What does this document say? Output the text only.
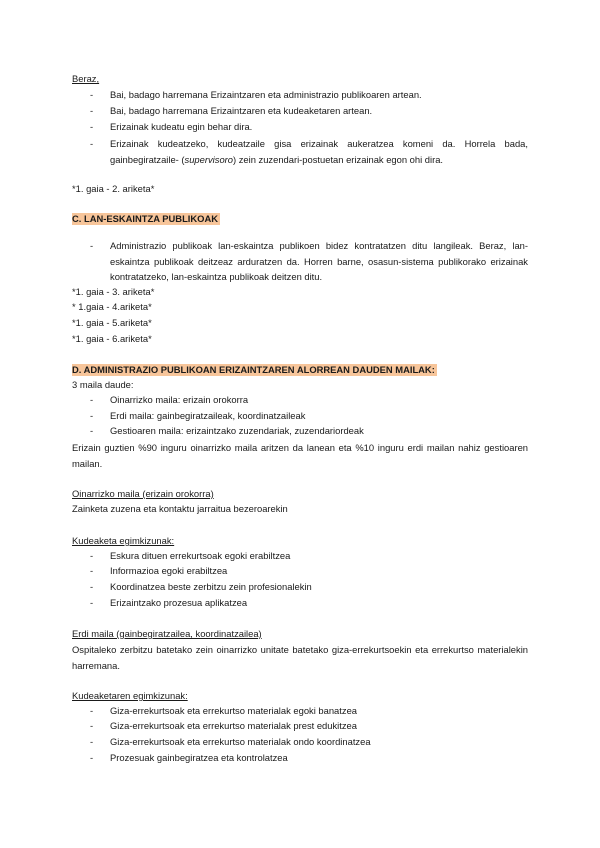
Beraz,

- Bai, badago harremana Erizaintzaren eta administrazio publikoaren artean.
- Bai, badago harremana Erizaintzaren eta kudeaketaren artean.
- Erizainak kudeatu egin behar dira.
- Erizainak kudeatzeko, kudeatzaile gisa erizainak aukeratzea komeni da. Horrela bada, gainbegiratzaile- (supervisoro) zein zuzendari-postuetan erizainak egon ohi dira.

*1. gaia - 2. ariketa*

C. LAN-ESKAINTZA PUBLIKOAK

- Administrazio publikoak lan-eskaintza publikoen bidez kontratatzen ditu langileak. Beraz, lan-eskaintza publikoak deitzeaz arduratzen da. Horren barne, osasun-sistema publikorako erizainak kontratatzeko, lan-eskaintza publikoak deitzen ditu.

*1. gaia - 3. ariketa*

* 1.gaia - 4.ariketa*

*1. gaia - 5.ariketa*

*1. gaia - 6.ariketa*

D. ADMINISTRAZIO PUBLIKOAN ERIZAINTZAREN ALORREAN DAUDEN MAILAK:

3 maila daude:

- Oinarrizko maila: erizain orokorra
- Erdi maila: gainbegiratzaileak, koordinatzaileak
- Gestioaren maila: erizaintzako zuzendariak, zuzendariordeak

Erizain guztien %90 inguru oinarrizko maila aritzen da lanean eta %10 inguru erdi mailan nahiz gestioaren mailan.

Oinarrizko maila (erizain orokorra)

Zainketa zuzena eta kontaktu jarraitua bezeroarekin

Kudeaketa egimkizunak:

- Eskura dituen errekurtsoak egoki erabiltzea
- Informazioa egoki erabiltzea
- Koordinatzea beste zerbitzu zein profesionalekin
- Erizaintzako prozesua aplikatzea

Erdi maila (gainbegiratzailea, koordinatzailea)

Ospitaleko zerbitzu batetako zein oinarrizko unitate batetako giza-errekurtsoekin eta errekurtso materialekin harremana.

Kudeaketaren egimkizunak:

- Giza-errekurtsoak eta errekurtso materialak egoki banatzea
- Giza-errekurtsoak eta errekurtso materialak prest edukitzea
- Giza-errekurtsoak eta errekurtso materialak ondo koordinatzea
- Prozesuak gainbegiratzea eta kontrolatzea
